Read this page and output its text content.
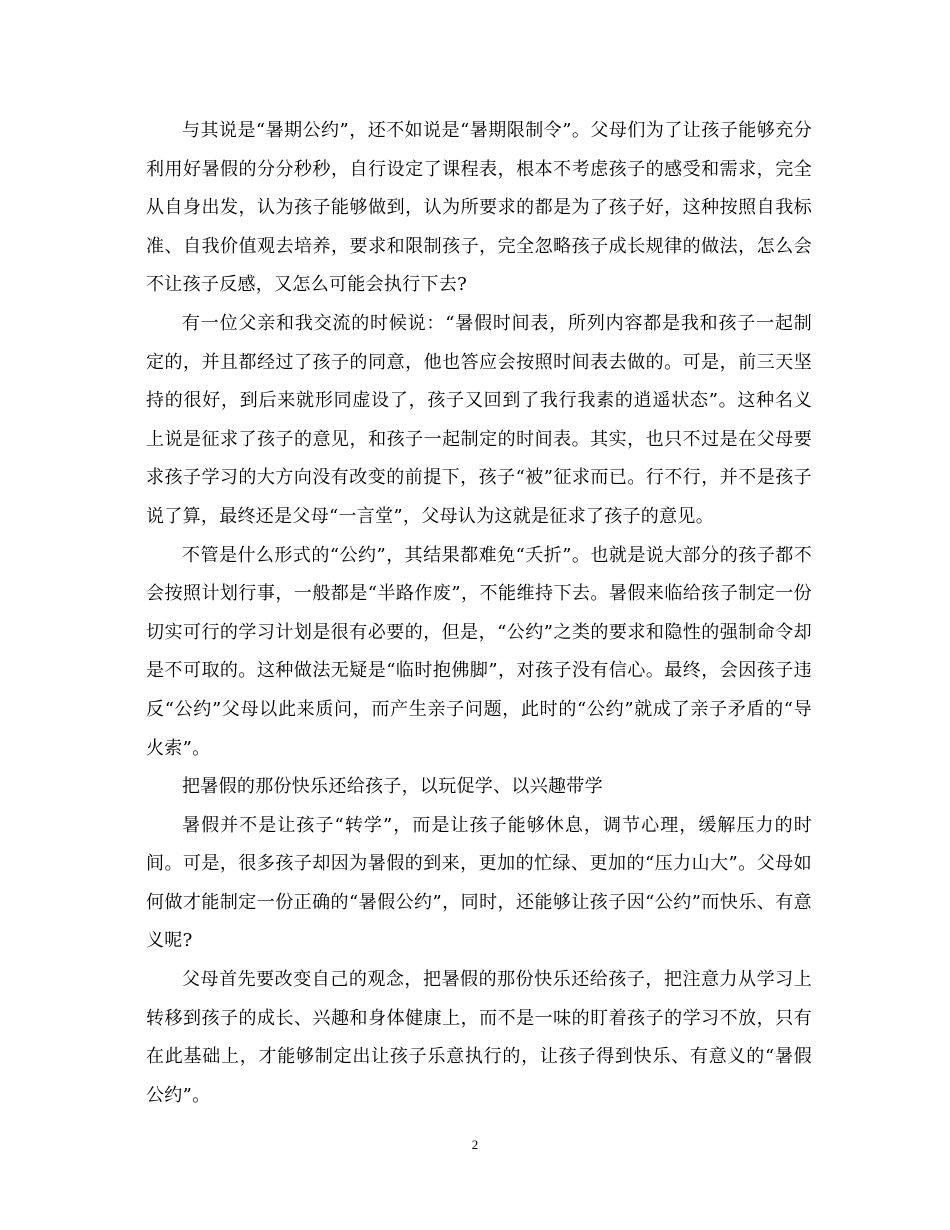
与其说是“暑期公约”，还不如说是“暑期限制令”。父母们为了让孩子能够充分利用好暑假的分分秒秒，自行设定了课程表，根本不考虑孩子的感受和需求，完全从自身出发，认为孩子能够做到，认为所要求的都是为了孩子好，这种按照自我标准、自我价值观去培养，要求和限制孩子，完全忽略孩子成长规律的做法，怎么会不让孩子反感，又怎么可能会执行下去?

有一位父亲和我交流的时候说：“暑假时间表，所列内容都是我和孩子一起制定的，并且都经过了孩子的同意，他也答应会按照时间表去做的。可是，前三天坚持的很好，到后来就形同虚设了，孩子又回到了我行我素的逍遥状态”。这种名义上说是征求了孩子的意见，和孩子一起制定的时间表。其实，也只不过是在父母要求孩子学习的大方向没有改变的前提下，孩子“被”征求而已。行不行，并不是孩子说了算，最终还是父母“一言堂”，父母认为这就是征求了孩子的意见。

不管是什么形式的“公约”，其结果都难免“夭折”。也就是说大部分的孩子都不会按照计划行事，一般都是“半路作废”，不能维持下去。暑假来临给孩子制定一份切实可行的学习计划是很有必要的，但是，“公约”之类的要求和隐性的强制命令却是不可取的。这种做法无疑是“临时抱佛脚”，对孩子没有信心。最终，会因孩子违反“公约”父母以此来质问，而产生亲子问题，此时的“公约”就成了亲子矛盾的“导火索”。

把暑假的那份快乐还给孩子，以玩促学、以兴趣带学

暑假并不是让孩子“转学”，而是让孩子能够休息，调节心理，缓解压力的时间。可是，很多孩子却因为暑假的到来，更加的忙绿、更加的“压力山大”。父母如何做才能制定一份正确的“暑假公约”，同时，还能够让孩子因“公约”而快乐、有意义呢?

父母首先要改变自己的观念，把暑假的那份快乐还给孩子，把注意力从学习上转移到孩子的成长、兴趣和身体健康上，而不是一味的盯着孩子的学习不放，只有在此基础上，才能够制定出让孩子乐意执行的，让孩子得到快乐、有意义的“暑假公约”。

2
